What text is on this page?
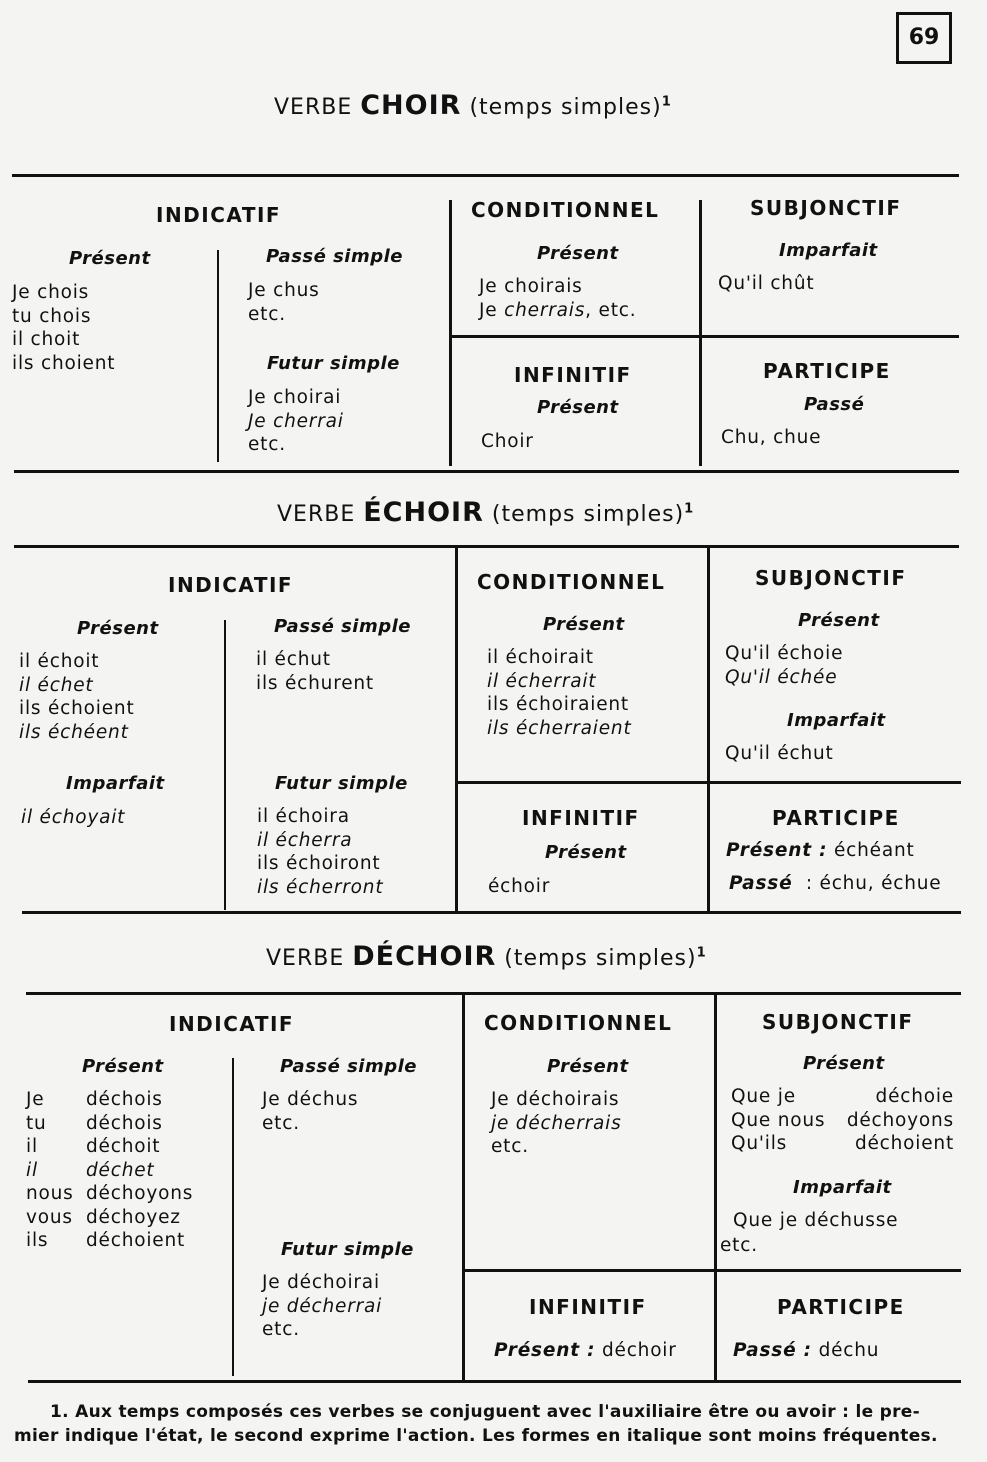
69
VERBE CHOIR (temps simples)$^1$
INDICATIF
Présent
Je chois
tu chois
il choit
ils choient
Passé simple
Je chus
etc.
Futur simple
Je choirai
Je cherrai
etc.
CONDITIONNEL
Présent
Je choirais
Je cherrais, etc.
SUBJONCTIF
Imparfait
Qu'il chût
INFINITIF
Présent
Choir
PARTICIPE
Passé
Chu, chue
VERBE ÉCHOIR (temps simples)$^1$
INDICATIF
Présent
il échoit
il échet
ils échoient
ils échéent
Imparfait
il échoyait
Passé simple
il échut
ils échurent
Futur simple
il échoira
il écherra
ils échoiront
ils écherront
CONDITIONNEL
Présent
il échoirait
il écherrait
ils échoiraient
ils écherraient
SUBJONCTIF
Présent
Qu'il échoie
Qu'il échée
Imparfait
Qu'il échut
INFINITIF
Présent
échoir
PARTICIPE
Présent : échéant
Passé : échu, échue
VERBE DÉCHOIR (temps simples)$^1$
INDICATIF
Présent
Je
tu
il
il
nous
vous
ils
déchois
déchois
déchoit
déchet
déchoyons
déchoyez
déchoient
Passé simple
Je déchus
etc.
Futur simple
Je déchoirai
je décherrai
etc.
CONDITIONNEL
Présent
Je déchoirais
je décherrais
etc.
SUBJONCTIF
Présent
Que je
Que nous
Qu'ils
déchoie
déchoyons
déchoient
Imparfait
Que je déchusse
etc.
INFINITIF
Présent : déchoir
PARTICIPE
Passé : déchu
1. Aux temps composés ces verbes se conjuguent avec l'auxiliaire être ou avoir : le pre-
mier indique l'état, le second exprime l'action. Les formes en italique sont moins fréquentes.
